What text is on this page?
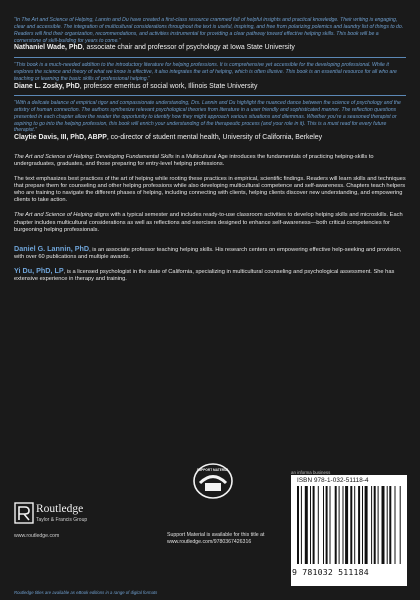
“In The Art and Science of Helping, Lannin and Du have created a first-class resource crammed full of helpful insights and practical knowledge. Their writing is engaging, clear and accessible. The integration of multicultural considerations throughout the text is useful, inspiring, and free from polarizing polemics and laundry list of things to do. Readers will find their organization, recommendations, and activities instrumental for providing a clear pathway toward effective helping skills. This book will be a cornerstone of skill-building for years to come.”

Nathaniel Wade, PhD, associate chair and professor of psychology at Iowa State University

“This book is a much-needed addition to the introductory literature for helping professions. It is comprehensive yet accessible for the developing professional. While it explores the science and theory of what we know is effective, it also integrates the art of helping, which is often illusive. This book is an essential resource for all who are teaching or learning the basic skills of professional helping.”

Diane L. Zosky, PhD, professor emeritus of social work, Illinois State University

“With a delicate balance of empirical rigor and compassionate understanding, Drs. Lannin and Du highlight the nuanced dance between the science of psychology and the artistry of human connection. The authors synthesize relevant psychological theories from literature in a user friendly and sophisticated manner. The reflection questions presented in each chapter allow the reader the opportunity to identify how they might approach various situations and dilemmas. Whether you’re a seasoned therapist or aspiring to go into the helping profession, this book will enrich your understanding of the therapeutic process (and your role in it). This is a must read for every future therapist.”

Claytie Davis, III, PhD, ABPP, co-director of student mental health, University of California, Berkeley

The Art and Science of Helping: Developing Fundamental Skills in a Multicultural Age introduces the fundamentals of practicing helping-skills to undergraduates, graduates, and those preparing for entry-level helping professions.

The text emphasizes best practices of the art of helping while rooting these practices in empirical, scientific findings. Readers will learn skills and techniques that prepare them for counseling and other helping professions while also developing multicultural competence and self-awareness. Chapters teach helpers who are training to navigate the different phases of helping, including connecting with clients, helping clients discover new understanding, and empowering clients to take action.

The Art and Science of Helping aligns with a typical semester and includes ready-to-use classroom activities to develop helping skills and microskills. Each chapter includes multicultural considerations as well as reflections and exercises designed to enhance self-awareness—both critical competencies for burgeoning helping professionals.

Daniel G. Lannin, PhD, is an associate professor teaching helping skills. His research centers on empowering effective help-seeking and provision, with over 60 publications and multiple awards.

Yi Du, PhD, LP, is a licensed psychologist in the state of California, specializing in multicultural counseling and psychological assessment. She has extensive experience in therapy and training.

Routledge
Taylor & Francis Group
www.routledge.com
SUPPORT MATERIAL
Support Material is available for this title at
www.routledge.com/9780367426316
an informa business
ISBN 978-1-032-51118-4
9 781032 511184
Routledge titles are available as eBook editions in a range of digital formats
